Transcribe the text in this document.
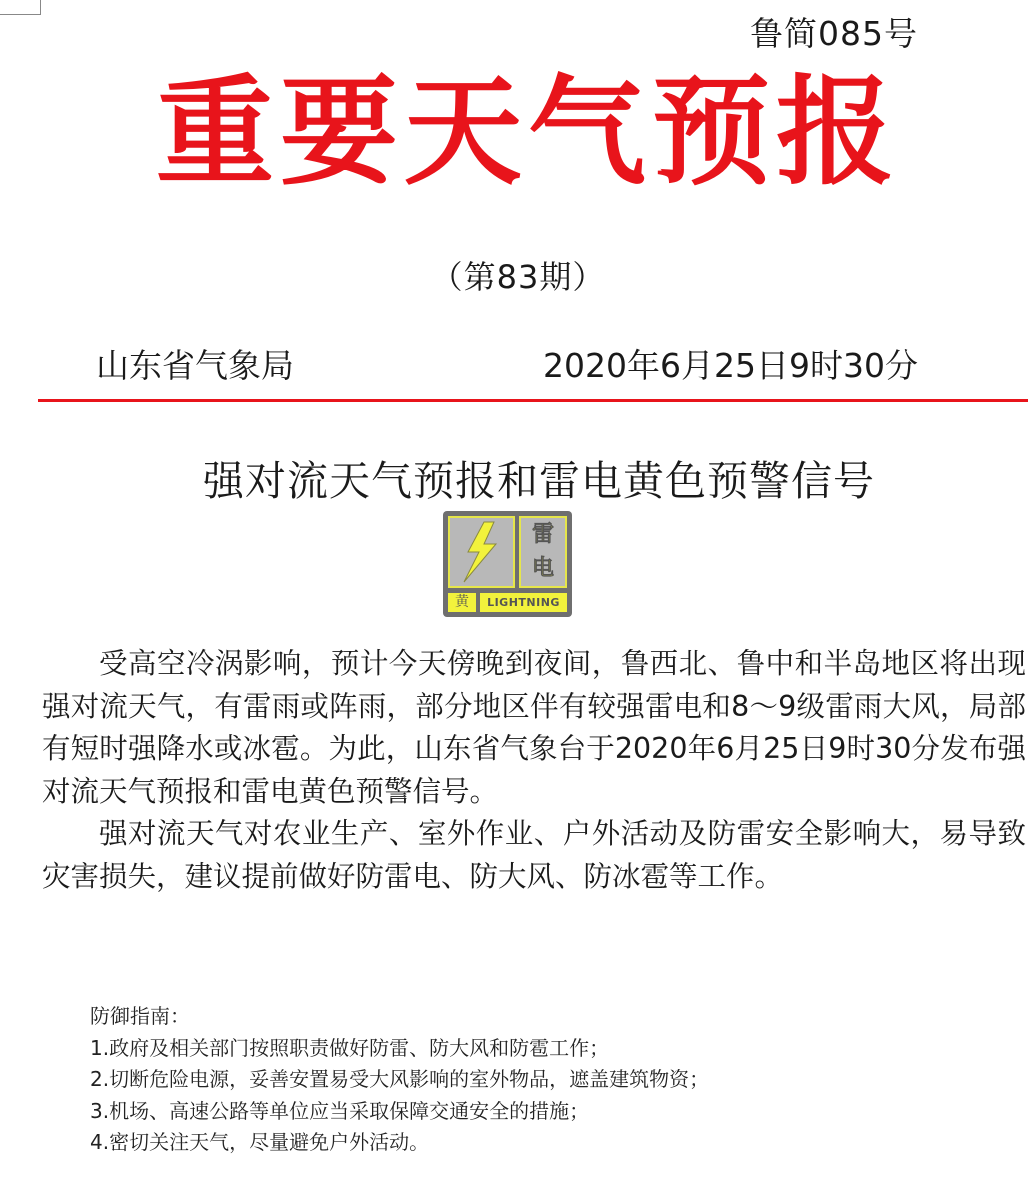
鲁简085号
重要天气预报
（第83期）
山东省气象局	2020年6月25日9时30分
强对流天气预报和雷电黄色预警信号
雷
电
黄	LIGHTNING

受高空冷涡影响，预计今天傍晚到夜间，鲁西北、鲁中和半岛地区将出现强对流天气，有雷雨或阵雨，部分地区伴有较强雷电和8～9级雷雨大风，局部有短时强降水或冰雹。为此，山东省气象台于2020年6月25日9时30分发布强对流天气预报和雷电黄色预警信号。

强对流天气对农业生产、室外作业、户外活动及防雷安全影响大，易导致灾害损失，建议提前做好防雷电、防大风、防冰雹等工作。

防御指南：
1.政府及相关部门按照职责做好防雷、防大风和防雹工作；
2.切断危险电源，妥善安置易受大风影响的室外物品，遮盖建筑物资；
3.机场、高速公路等单位应当采取保障交通安全的措施；
4.密切关注天气，尽量避免户外活动。
